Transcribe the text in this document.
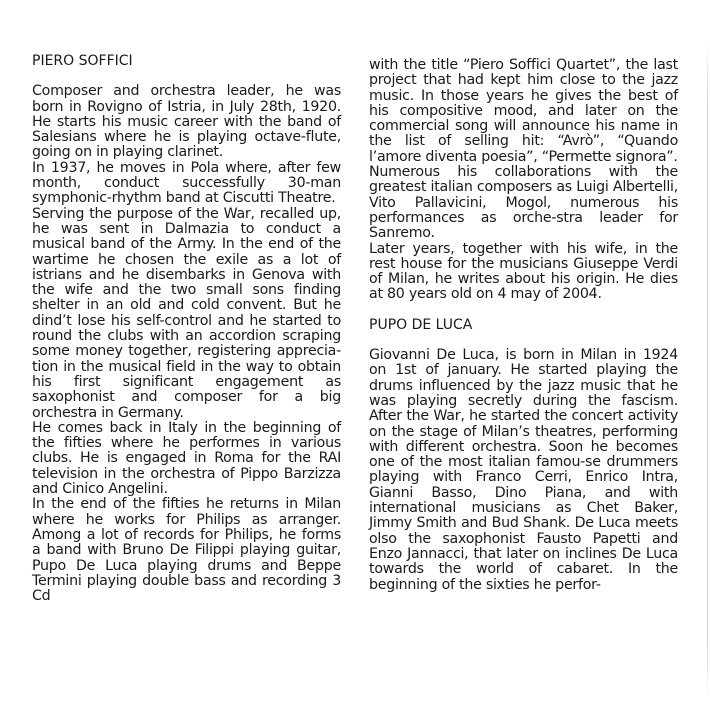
PIERO SOFFICI

Composer and orchestra leader, he was born in Rovigno of Istria, in July 28th, 1920. He starts his music career with the band of Salesians where he is playing octave-flute, going on in playing clarinet.

In 1937, he moves in Pola where, after few month, conduct successfully 30-man symphonic-rhythm band at Ciscutti Theatre.

Serving the purpose of the War, recalled up, he was sent in Dalmazia to conduct a musical band of the Army. In the end of the wartime he chosen the exile as a lot of istrians and he disembarks in Genova with the wife and the two small sons finding shelter in an old and cold convent. But he dind’t lose his self-control and he started to round the clubs with an accordion scraping some money together, registering apprecia-tion in the musical field in the way to obtain his first significant engagement as saxophonist and composer for a big orchestra in Germany.

He comes back in Italy in the beginning of the fifties where he performes in various clubs. He is engaged in Roma for the RAI television in the orchestra of Pippo Barzizza and Cinico Angelini.

In the end of the fifties he returns in Milan where he works for Philips as arranger. Among a lot of records for Philips, he forms a band with Bruno De Filippi playing guitar, Pupo De Luca playing drums and Beppe Termini playing double bass and recording 3 Cd

with the title “Piero Soffici Quartet”, the last project that had kept him close to the jazz music. In those years he gives the best of his compositive mood, and later on the commercial song will announce his name in the list of selling hit: “Avrò”, “Quando l’amore diventa poesia”, “Permette signora”.

Numerous his collaborations with the greatest italian composers as Luigi Albertelli, Vito Pallavicini, Mogol, numerous his performances as orche-stra leader for Sanremo.

Later years, together with his wife, in the rest house for the musicians Giuseppe Verdi of Milan, he writes about his origin. He dies at 80 years old on 4 may of 2004.

PUPO DE LUCA

Giovanni De Luca, is born in Milan in 1924 on 1st of january. He started playing the drums influenced by the jazz music that he was playing secretly during the fascism. After the War, he started the concert activity on the stage of Milan’s theatres, performing with different orchestra. Soon he becomes one of the most italian famou-se drummers playing with Franco Cerri, Enrico Intra, Gianni Basso, Dino Piana, and with international musicians as Chet Baker, Jimmy Smith and Bud Shank. De Luca meets olso the saxophonist Fausto Papetti and Enzo Jannacci, that later on inclines De Luca towards the world of cabaret. In the beginning of the sixties he perfor-
